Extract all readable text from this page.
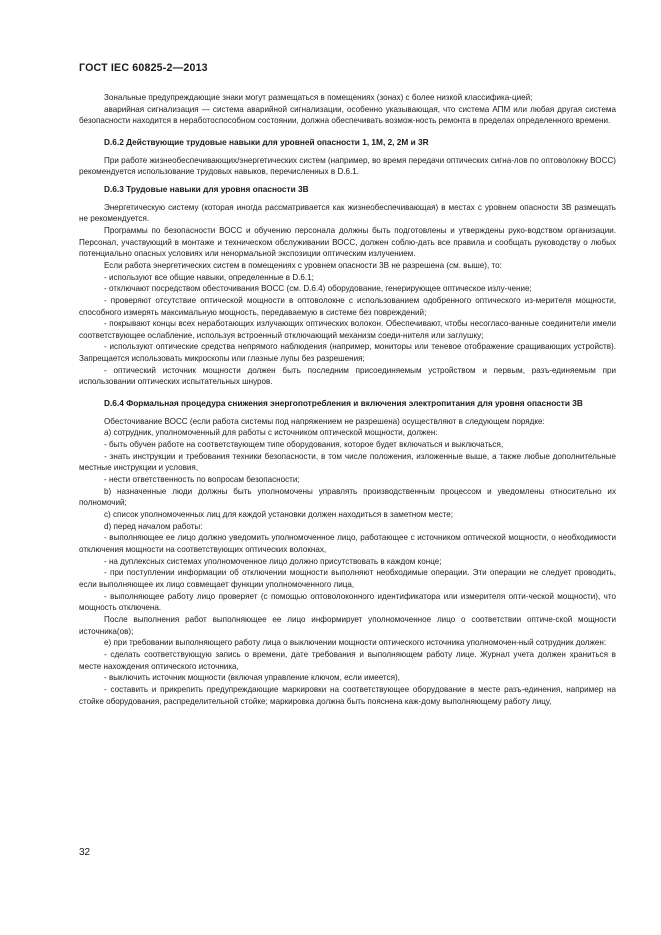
ГОСТ IEC 60825-2—2013

Зональные предупреждающие знаки могут размещаться в помещениях (зонах) с более низкой классифика-цией;

аварийная сигнализация — система аварийной сигнализации, особенно указывающая, что система АПМ или любая другая система безопасности находится в неработоспособном состоянии, должна обеспечивать возмож-ность ремонта в пределах определенного времени.

D.6.2 Действующие трудовые навыки для уровней опасности 1, 1M, 2, 2M и 3R

При работе жизнеобеспечивающих/энергетических систем (например, во время передачи оптических сигна-лов по оптоволокну ВОСС) рекомендуется использование трудовых навыков, перечисленных в D.6.1.

D.6.3 Трудовые навыки для уровня опасности 3B

Энергетическую систему (которая иногда рассматривается как жизнеобеспечивающая) в местах с уровнем опасности 3B размещать не рекомендуется.

Программы по безопасности ВОСС и обучению персонала должны быть подготовлены и утверждены руко-водством организации. Персонал, участвующий в монтаже и техническом обслуживании ВОСС, должен соблю-дать все правила и сообщать руководству о любых потенциально опасных условиях или ненормальной экспозиции оптическим излучением.

Если работа энергетических систем в помещениях с уровнем опасности 3B не разрешена (см. выше), то:

- используют все общие навыки, определенные в D.6.1;

- отключают посредством обесточивания ВОСС (см. D.6.4) оборудование, генерирующее оптическое излу-чение;

- проверяют отсутствие оптической мощности в оптоволокне с использованием одобренного оптического из-мерителя мощности, способного измерять максимальную мощность, передаваемую в системе без повреждений;

- покрывают концы всех неработающих излучающих оптических волокон. Обеспечивают, чтобы несогласо-ванные соединители имели соответствующее ослабление, используя встроенный отключающий механизм соеди-нителя или заглушку;

- используют оптические средства непрямого наблюдения (например, мониторы или теневое отображение сращивающих устройств). Запрещается использовать микроскопы или глазные лупы без разрешения;

- оптический источник мощности должен быть последним присоединяемым устройством и первым, разъ-единяемым при использовании оптических испытательных шнуров.

D.6.4 Формальная процедура снижения энергопотребления и включения электропитания для уровня опасности 3B

Обесточивание ВОСС (если работа системы под напряжением не разрешена) осуществляют в следующем порядке:

а) сотрудник, уполномоченный для работы с источником оптической мощности, должен:

- быть обучен работе на соответствующем типе оборудования, которое будет включаться и выключаться,

- знать инструкции и требования техники безопасности, в том числе положения, изложенные выше, а также любые дополнительные местные инструкции и условия,

- нести ответственность по вопросам безопасности;

b) назначенные люди должны быть уполномочены управлять производственным процессом и уведомлены относительно их полномочий;

c) список уполномоченных лиц для каждой установки должен находиться в заметном месте;

d) перед началом работы:

- выполняющее ее лицо должно уведомить уполномоченное лицо, работающее с источником оптической мощности, о необходимости отключения мощности на соответствующих оптических волокнах,

- на дуплексных системах уполномоченное лицо должно присутствовать в каждом конце;

- при поступлении информации об отключении мощности выполняют необходимые операции. Эти операции не следует проводить, если выполняющее их лицо совмещает функции уполномоченного лица,

- выполняющее работу лицо проверяет (с помощью оптоволоконного идентификатора или измерителя опти-ческой мощности), что мощность отключена.

После выполнения работ выполняющее ее лицо информирует уполномоченное лицо о соответствии оптиче-ской мощности источника(ов);

e) при требовании выполняющего работу лица о выключении мощности оптического источника уполномочен-ный сотрудник должен:

- сделать соответствующую запись о времени, дате требования и выполняющем работу лице. Журнал учета должен храниться в месте нахождения оптического источника,

- выключить источник мощности (включая управление ключом, если имеется),

- составить и прикрепить предупреждающие маркировки на соответствующее оборудование в месте разъ-единения, например на стойке оборудования, распределительной стойке; маркировка должна быть пояснена каж-дому выполняющему работу лицу,

32
